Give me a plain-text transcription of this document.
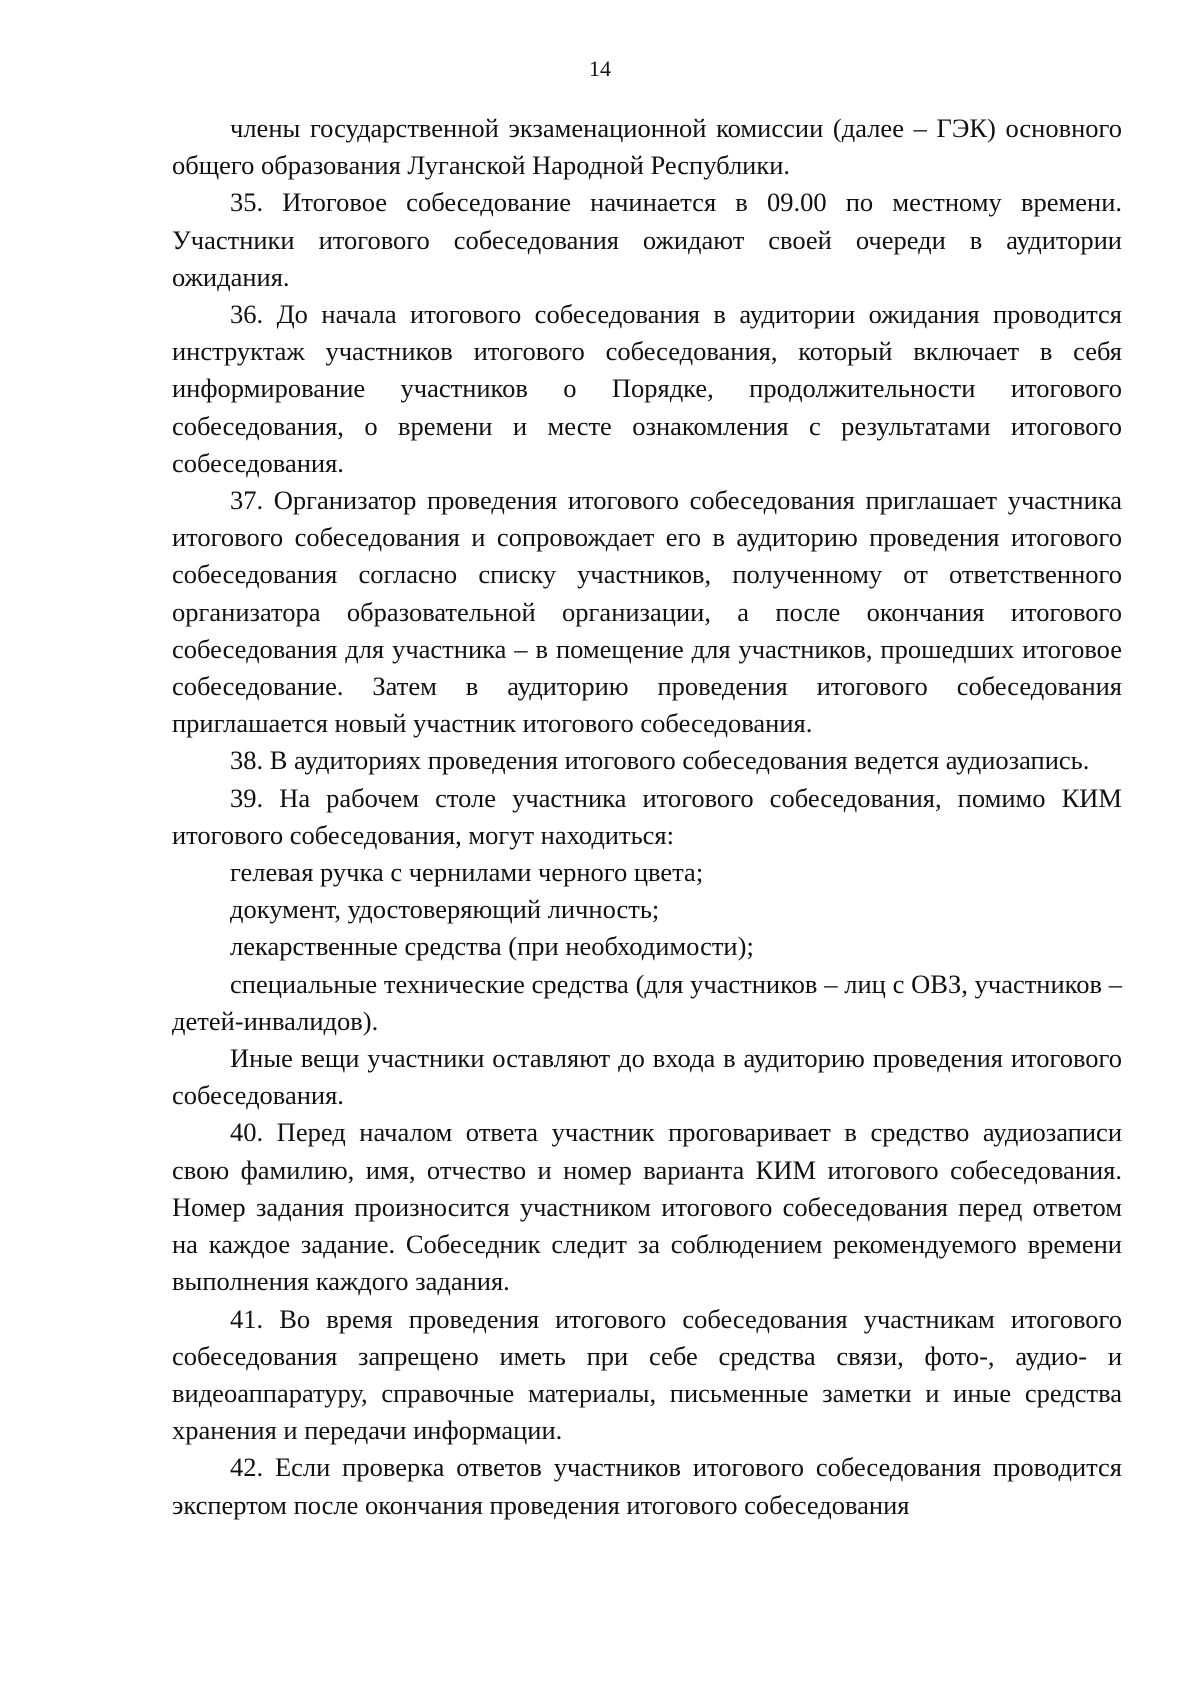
14

члены государственной экзаменационной комиссии (далее – ГЭК) основного общего образования Луганской Народной Республики.

35. Итоговое собеседование начинается в 09.00 по местному времени. Участники итогового собеседования ожидают своей очереди в аудитории ожидания.

36. До начала итогового собеседования в аудитории ожидания проводится инструктаж участников итогового собеседования, который включает в себя информирование участников о Порядке, продолжительности итогового собеседования, о времени и месте ознакомления с результатами итогового собеседования.

37. Организатор проведения итогового собеседования приглашает участника итогового собеседования и сопровождает его в аудиторию проведения итогового собеседования согласно списку участников, полученному от ответственного организатора образовательной организации, а после окончания итогового собеседования для участника – в помещение для участников, прошедших итоговое собеседование. Затем в аудиторию проведения итогового собеседования приглашается новый участник итогового собеседования.

38. В аудиториях проведения итогового собеседования ведется аудиозапись.

39. На рабочем столе участника итогового собеседования, помимо КИМ итогового собеседования, могут находиться:

гелевая ручка с чернилами черного цвета;

документ, удостоверяющий личность;

лекарственные средства (при необходимости);

специальные технические средства (для участников – лиц с ОВЗ, участников – детей-инвалидов).

Иные вещи участники оставляют до входа в аудиторию проведения итогового собеседования.

40. Перед началом ответа участник проговаривает в средство аудиозаписи свою фамилию, имя, отчество и номер варианта КИМ итогового собеседования. Номер задания произносится участником итогового собеседования перед ответом на каждое задание. Собеседник следит за соблюдением рекомендуемого времени выполнения каждого задания.

41. Во время проведения итогового собеседования участникам итогового собеседования запрещено иметь при себе средства связи, фото-, аудио- и видеоаппаратуру, справочные материалы, письменные заметки и иные средства хранения и передачи информации.

42. Если проверка ответов участников итогового собеседования проводится экспертом после окончания проведения итогового собеседования
